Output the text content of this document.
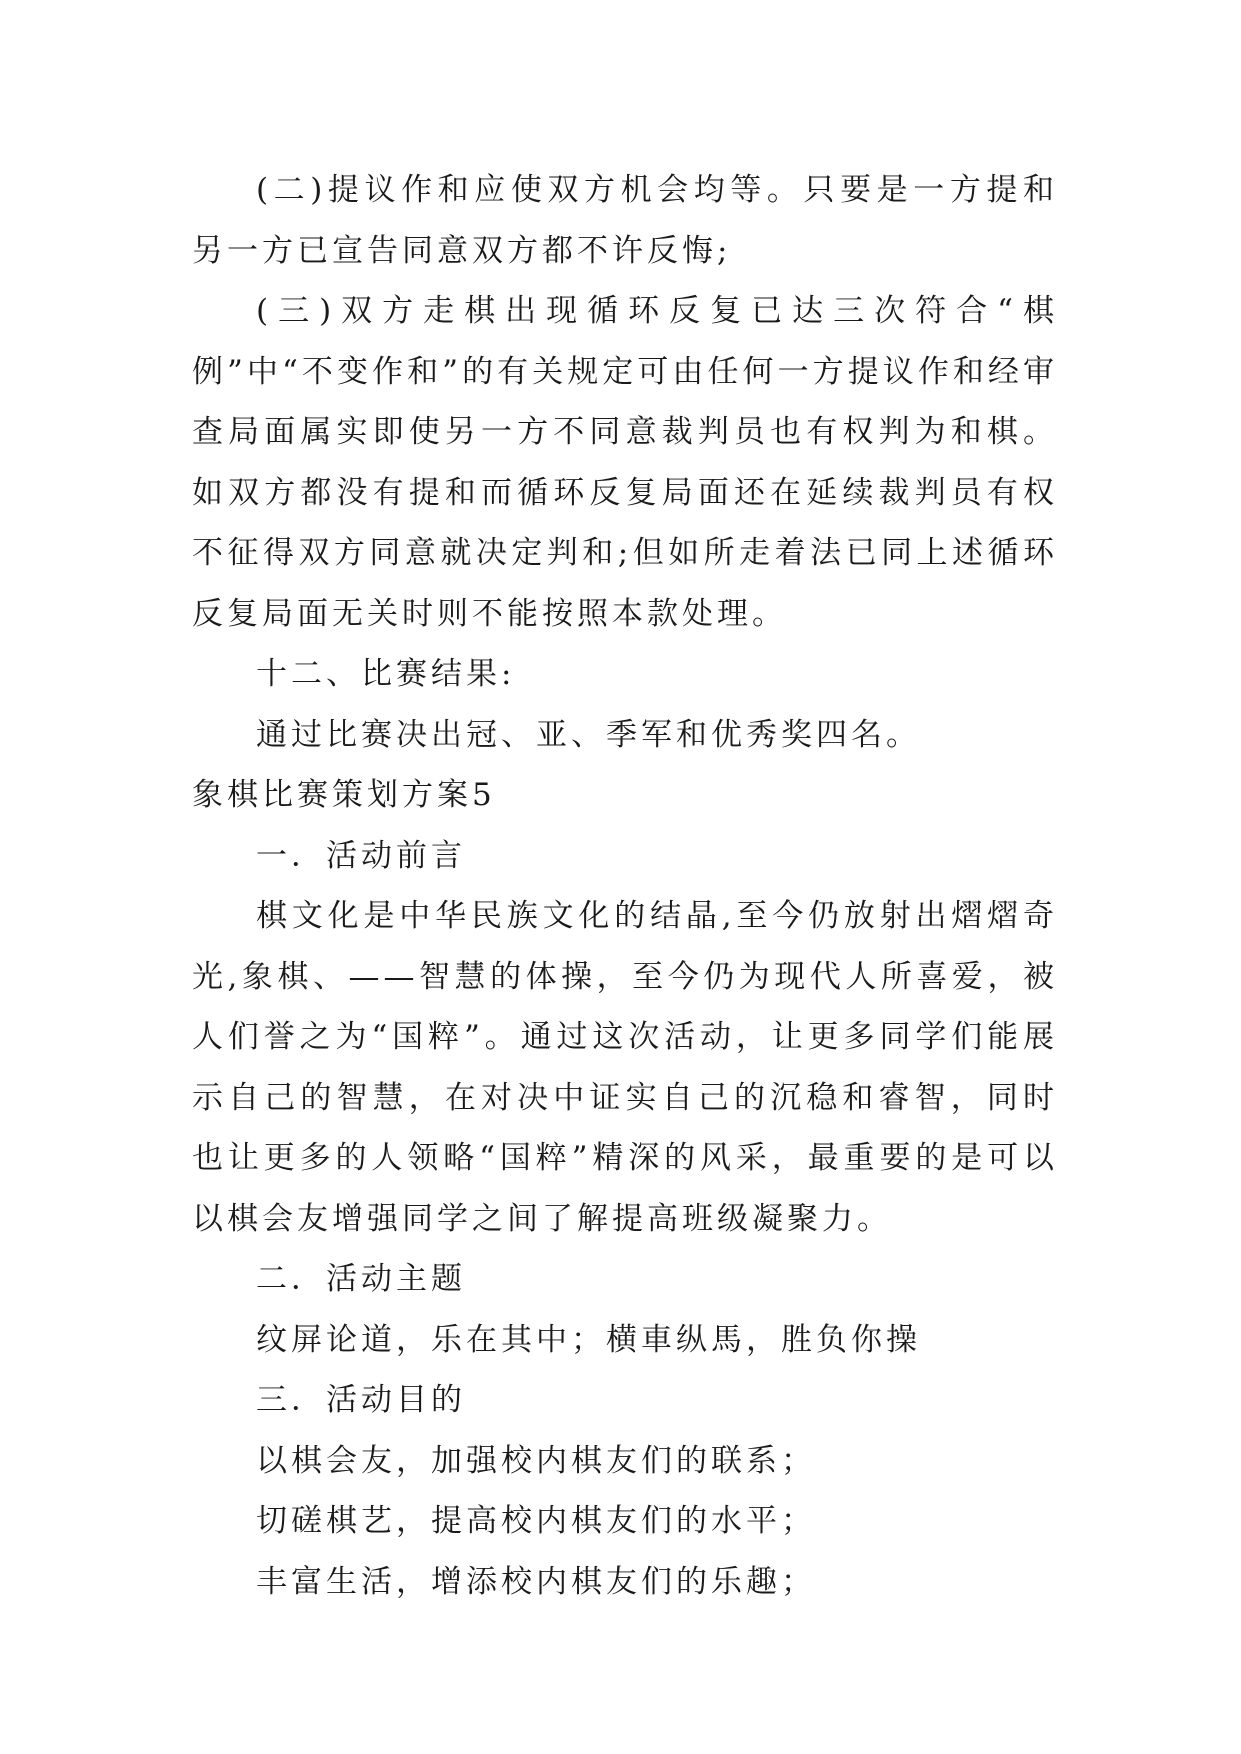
(二)提议作和应使双方机会均等。只要是一方提和另一方已宣告同意双方都不许反悔;

(三)双方走棋出现循环反复已达三次符合“棋例”中“不变作和”的有关规定可由任何一方提议作和经审查局面属实即使另一方不同意裁判员也有权判为和棋。如双方都没有提和而循环反复局面还在延续裁判员有权不征得双方同意就决定判和;但如所走着法已同上述循环反复局面无关时则不能按照本款处理。

十二、比赛结果:

通过比赛决出冠、亚、季军和优秀奖四名。

象棋比赛策划方案5

一．活动前言

棋文化是中华民族文化的结晶,至今仍放射出熠熠奇光,象棋、——智慧的体操，至今仍为现代人所喜爱，被人们誉之为“国粹”。通过这次活动，让更多同学们能展示自己的智慧，在对决中证实自己的沉稳和睿智，同时也让更多的人领略“国粹”精深的风采，最重要的是可以以棋会友增强同学之间了解提高班级凝聚力。

二．活动主题

纹屏论道，乐在其中；横車纵馬，胜负你操

三．活动目的

以棋会友，加强校内棋友们的联系；

切磋棋艺，提高校内棋友们的水平；

丰富生活，增添校内棋友们的乐趣；
